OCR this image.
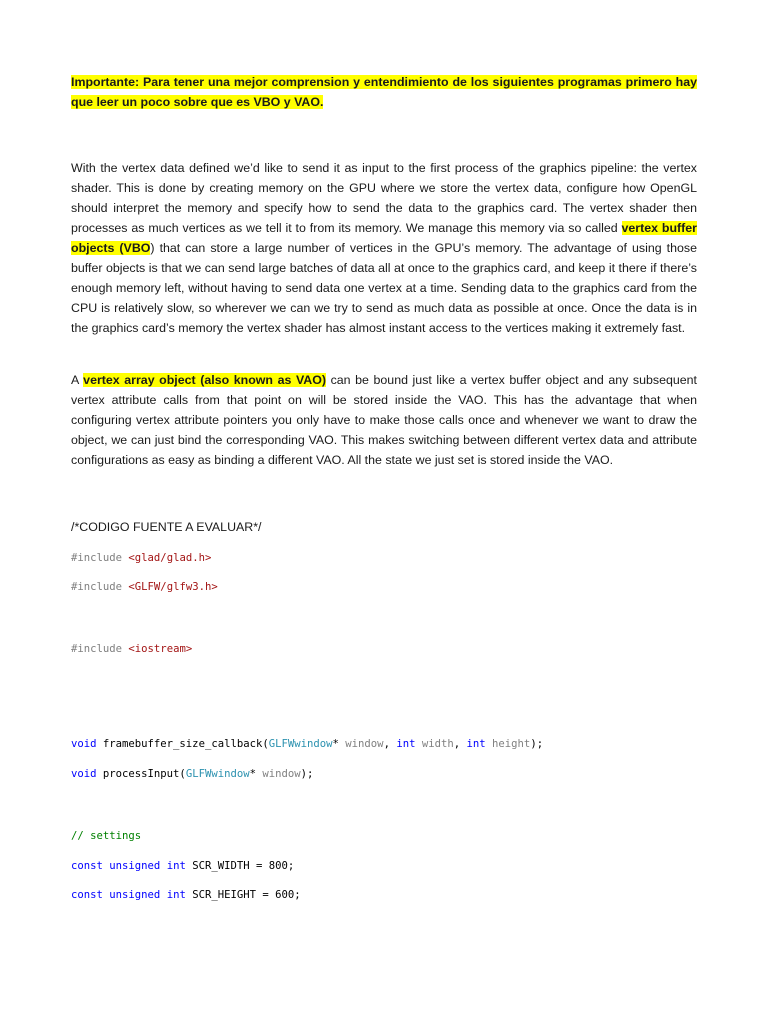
Importante: Para tener una mejor comprension y entendimiento de los siguientes programas primero hay que leer un poco sobre que es VBO y VAO.

With the vertex data defined we’d like to send it as input to the first process of the graphics pipeline: the vertex shader. This is done by creating memory on the GPU where we store the vertex data, configure how OpenGL should interpret the memory and specify how to send the data to the graphics card. The vertex shader then processes as much vertices as we tell it to from its memory. We manage this memory via so called vertex buffer objects (VBO) that can store a large number of vertices in the GPU’s memory. The advantage of using those buffer objects is that we can send large batches of data all at once to the graphics card, and keep it there if there’s enough memory left, without having to send data one vertex at a time. Sending data to the graphics card from the CPU is relatively slow, so wherever we can we try to send as much data as possible at once. Once the data is in the graphics card’s memory the vertex shader has almost instant access to the vertices making it extremely fast.

A vertex array object (also known as VAO) can be bound just like a vertex buffer object and any subsequent vertex attribute calls from that point on will be stored inside the VAO. This has the advantage that when configuring vertex attribute pointers you only have to make those calls once and whenever we want to draw the object, we can just bind the corresponding VAO. This makes switching between different vertex data and attribute configurations as easy as binding a different VAO. All the state we just set is stored inside the VAO.

/*CODIGO FUENTE A EVALUAR*/

#include <glad/glad.h>

#include <GLFW/glfw3.h>

#include <iostream>

void framebuffer_size_callback(GLFWwindow* window, int width, int height);

void processInput(GLFWwindow* window);

// settings

const unsigned int SCR_WIDTH = 800;

const unsigned int SCR_HEIGHT = 600;
